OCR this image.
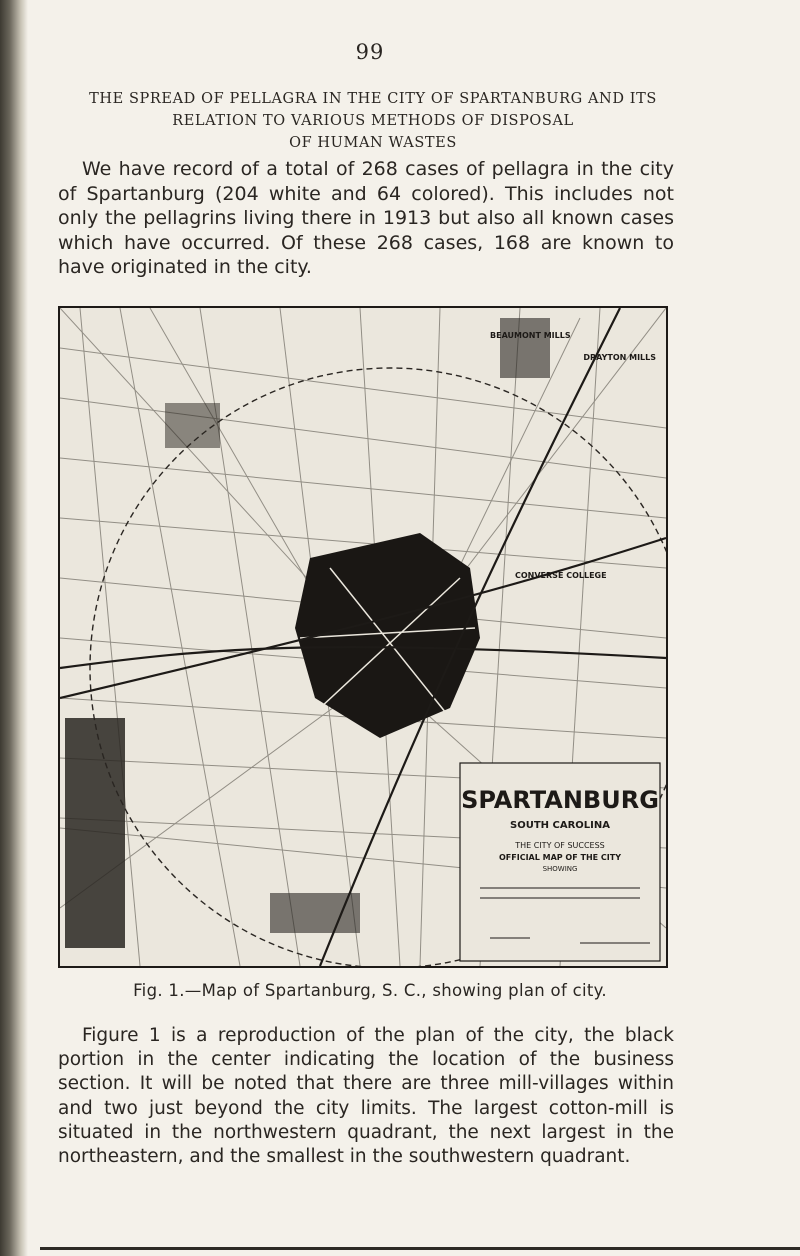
99
THE SPREAD OF PELLAGRA IN THE CITY OF SPARTANBURG AND ITS
RELATION TO VARIOUS METHODS OF DISPOSAL
OF HUMAN WASTES

We have record of a total of 268 cases of pellagra in the city of Spartanburg (204 white and 64 colored). This includes not only the pellagrins living there in 1913 but also all known cases which have occurred. Of these 268 cases, 168 are known to have originated in the city.

DRAYTON MILLS
CONVERSE COLLEGE
BEAUMONT MILLS
SPARTANBURG
SOUTH CAROLINA
THE CITY OF SUCCESS
OFFICIAL MAP OF THE CITY
SHOWING
Fig. 1.—Map of Spartanburg, S. C., showing plan of city.

Figure 1 is a reproduction of the plan of the city, the black portion in the center indicating the location of the business section. It will be noted that there are three mill-villages within and two just beyond the city limits. The largest cotton-mill is situated in the northwestern quadrant, the next largest in the northeastern, and the smallest in the southwestern quadrant.
